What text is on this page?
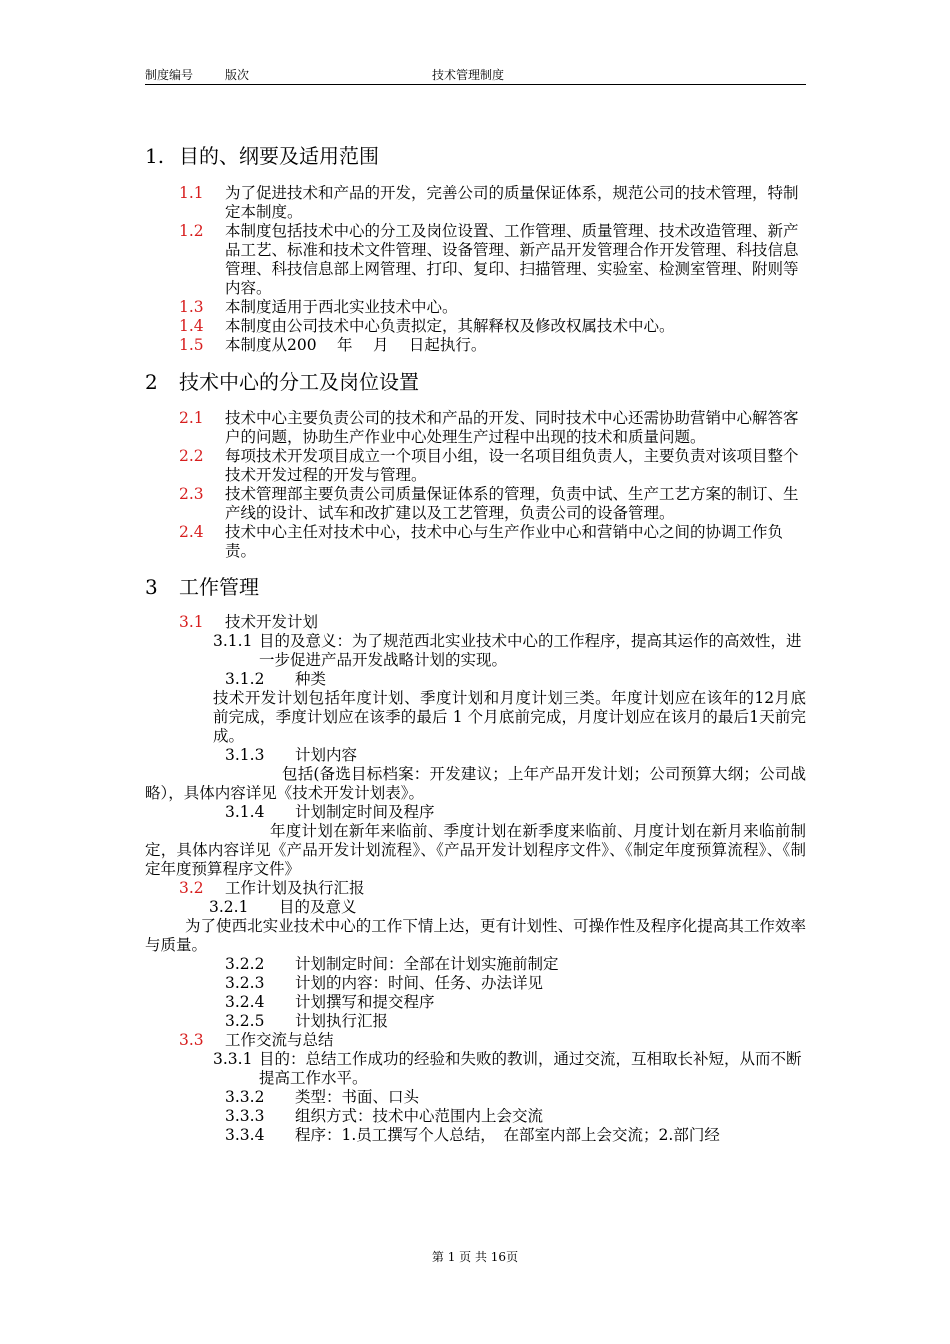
制度编号	版次	技术管理制度
1. 目的、纲要及适用范围
1.1 为了促进技术和产品的开发，完善公司的质量保证体系，规范公司的技术管理，特制定本制度。
1.2 本制度包括技术中心的分工及岗位设置、工作管理、质量管理、技术改造管理、新产品工艺、标准和技术文件管理、设备管理、新产品开发管理合作开发管理、科技信息管理、科技信息部上网管理、打印、复印、扫描管理、实验室、检测室管理、附则等内容。
1.3 本制度适用于西北实业技术中心。
1.4 本制度由公司技术中心负责拟定，其解释权及修改权属技术中心。
1.5 本制度从200　 年　 月　 日起执行。
2 技术中心的分工及岗位设置
2.1 技术中心主要负责公司的技术和产品的开发、同时技术中心还需协助营销中心解答客户的问题，协助生产作业中心处理生产过程中出现的技术和质量问题。
2.2 每项技术开发项目成立一个项目小组，设一名项目组负责人，主要负责对该项目整个技术开发过程的开发与管理。
2.3 技术管理部主要负责公司质量保证体系的管理，负责中试、生产工艺方案的制订、生产线的设计、试车和改扩建以及工艺管理，负责公司的设备管理。
2.4 技术中心主任对技术中心，技术中心与生产作业中心和营销中心之间的协调工作负责。
3 工作管理
3.1 技术开发计划
3.1.1 目的及意义：为了规范西北实业技术中心的工作程序，提高其运作的高效性，进一步促进产品开发战略计划的实现。
3.1.2 种类
技术开发计划包括年度计划、季度计划和月度计划三类。年度计划应在该年的12月底前完成，季度计划应在该季的最后 1 个月底前完成，月度计划应在该月的最后1天前完成。
3.1.3 计划内容
包括(备选目标档案：开发建议；上年产品开发计划；公司预算大纲；公司战略），具体内容详见《技术开发计划表》。
3.1.4 计划制定时间及程序
年度计划在新年来临前、季度计划在新季度来临前、月度计划在新月来临前制定，具体内容详见《产品开发计划流程》、《产品开发计划程序文件》、《制定年度预算流程》、《制定年度预算程序文件》
3.2 工作计划及执行汇报
3.2.1 目的及意义
为了使西北实业技术中心的工作下情上达，更有计划性、可操作性及程序化提高其工作效率与质量。
3.2.2 计划制定时间：全部在计划实施前制定
3.2.3 计划的内容：时间、任务、办法详见
3.2.4 计划撰写和提交程序
3.2.5 计划执行汇报
3.3 工作交流与总结
3.3.1 目的：总结工作成功的经验和失败的教训，通过交流，互相取长补短，从而不断提高工作水平。
3.3.2 类型：书面、口头
3.3.3 组织方式：技术中心范围内上会交流
3.3.4 程序：1.员工撰写个人总结，　在部室内部上会交流；2.部门经
第 1 页 共 16页
